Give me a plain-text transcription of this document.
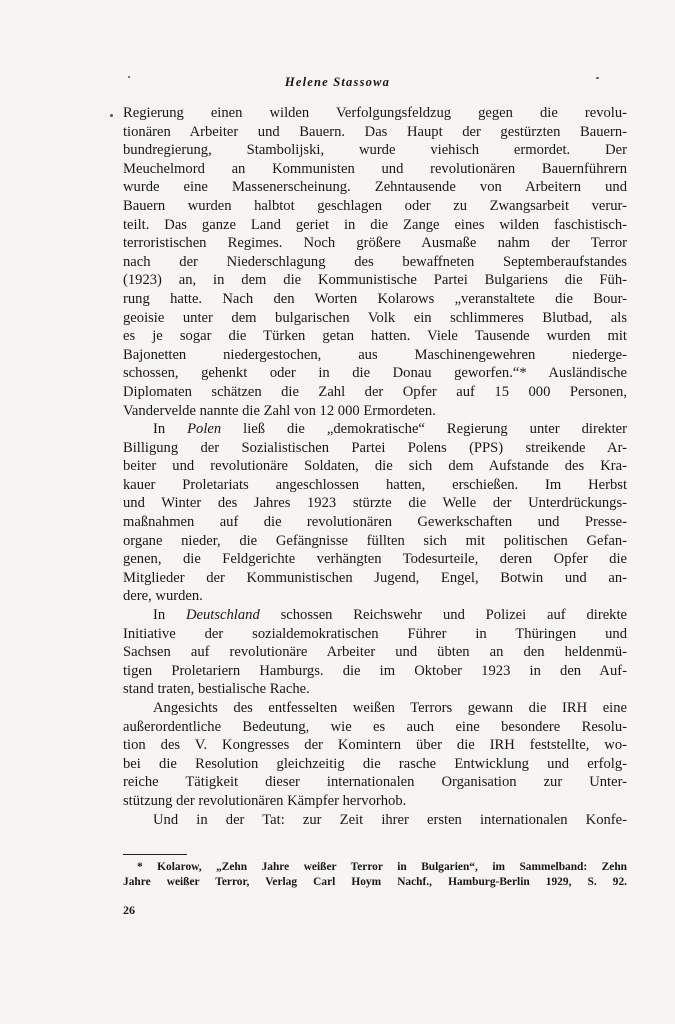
Helene Stassowa
Regierung einen wilden Verfolgungsfeldzug gegen die revolu-
tionären Arbeiter und Bauern. Das Haupt der gestürzten Bauern-
bundregierung, Stambolijski, wurde viehisch ermordet. Der
Meuchelmord an Kommunisten und revolutionären Bauernführern
wurde eine Massenerscheinung. Zehntausende von Arbeitern und
Bauern wurden halbtot geschlagen oder zu Zwangsarbeit verur-
teilt. Das ganze Land geriet in die Zange eines wilden faschistisch-
terroristischen Regimes. Noch größere Ausmaße nahm der Terror
nach der Niederschlagung des bewaffneten Septemberaufstandes
(1923) an, in dem die Kommunistische Partei Bulgariens die Füh-
rung hatte. Nach den Worten Kolarows „veranstaltete die Bour-
geoisie unter dem bulgarischen Volk ein schlimmeres Blutbad, als
es je sogar die Türken getan hatten. Viele Tausende wurden mit
Bajonetten niedergestochen, aus Maschinengewehren niederge-
schossen, gehenkt oder in die Donau geworfen.“* Ausländische
Diplomaten schätzen die Zahl der Opfer auf 15 000 Personen,
Vandervelde nannte die Zahl von 12 000 Ermordeten.
In Polen ließ die „demokratische“ Regierung unter direkter
Billigung der Sozialistischen Partei Polens (PPS) streikende Ar-
beiter und revolutionäre Soldaten, die sich dem Aufstande des Kra-
kauer Proletariats angeschlossen hatten, erschießen. Im Herbst
und Winter des Jahres 1923 stürzte die Welle der Unterdrückungs-
maßnahmen auf die revolutionären Gewerkschaften und Presse-
organe nieder, die Gefängnisse füllten sich mit politischen Gefan-
genen, die Feldgerichte verhängten Todesurteile, deren Opfer die
Mitglieder der Kommunistischen Jugend, Engel, Botwin und an-
dere, wurden.
In Deutschland schossen Reichswehr und Polizei auf direkte
Initiative der sozialdemokratischen Führer in Thüringen und
Sachsen auf revolutionäre Arbeiter und übten an den heldenmü-
tigen Proletariern Hamburgs. die im Oktober 1923 in den Auf-
stand traten, bestialische Rache.
Angesichts des entfesselten weißen Terrors gewann die IRH eine
außerordentliche Bedeutung, wie es auch eine besondere Resolu-
tion des V. Kongresses der Komintern über die IRH feststellte, wo-
bei die Resolution gleichzeitig die rasche Entwicklung und erfolg-
reiche Tätigkeit dieser internationalen Organisation zur Unter-
stützung der revolutionären Kämpfer hervorhob.
Und in der Tat: zur Zeit ihrer ersten internationalen Konfe-
* Kolarow, „Zehn Jahre weißer Terror in Bulgarien“, im Sammelband: Zehn
Jahre weißer Terror, Verlag Carl Hoym Nachf., Hamburg-Berlin 1929, S. 92.
26
